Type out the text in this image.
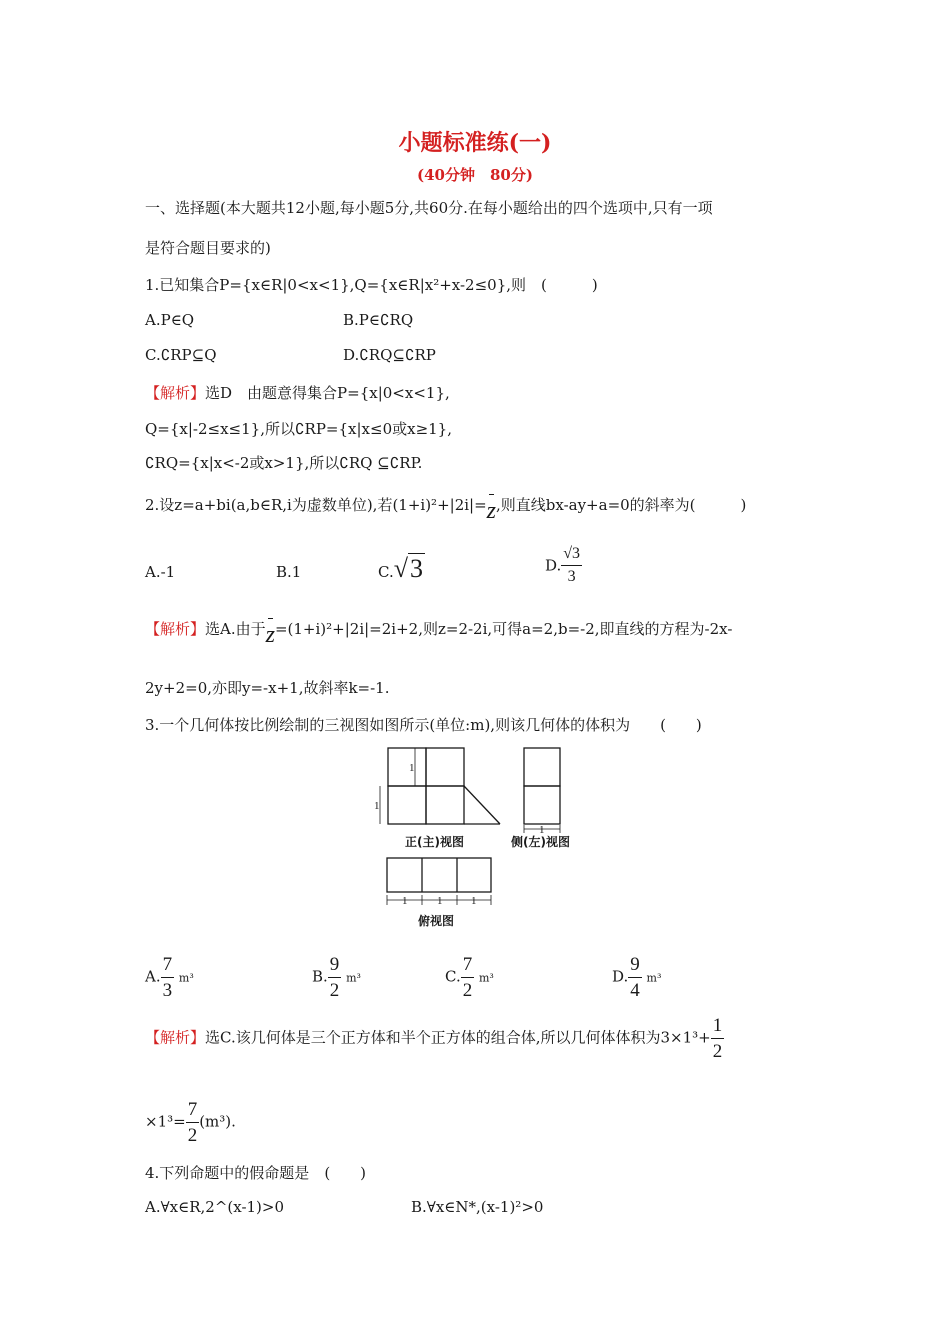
小题标准练(一)
(40分钟　80分)
一、选择题(本大题共12小题,每小题5分,共60分.在每小题给出的四个选项中,只有一项
是符合题目要求的)
1.已知集合P={x∈R|0<x<1},Q={x∈R|x²+x-2≤0},则　(　　　)
A.P∈Q	B.P∈∁RQ
C.∁RP⊆Q	D.∁RQ⊆∁RP
【解析】选D　由题意得集合P={x|0<x<1},
Q={x|-2≤x≤1},所以∁RP={x|x≤0或x≥1},
∁RQ={x|x<-2或x>1},所以∁RQ ⊆∁RP.
2.设z=a+bi(a,b∈R,i为虚数单位),若(1+i)²+|2i|=z,则直线bx-ay+a=0的斜率为(　　　)
A.-1	B.1	C.√3	D. $\frac{√3}{3}$
【解析】选A.由于z=(1+i)²+|2i|=2i+2,则z=2-2i,可得a=2,b=-2,即直线的方程为-2x-
2y+2=0,亦即y=-x+1,故斜率k=-1.
3.一个几何体按比例绘制的三视图如图所示(单位:m),则该几何体的体积为　　(　　)
1
1
1
1	1	1
正(主)视图	侧(左)视图
俯视图
A. $\frac{7}{3} m^3$	B. $\frac{9}{2} m^3$	C. $\frac{7}{2} m^3$	D. $\frac{9}{4} m^3$
【解析】选C.该几何体是三个正方体和半个正方体的组合体,所以几何体体积为$3\times 1^3+ \frac{1}{2}$
$\times 1^3= \frac{7}{2} (m^3)$.
4.下列命题中的假命题是　(　　)
A.∀x∈R,2^(x-1)>0	B.∀x∈N*,(x-1)²>0
